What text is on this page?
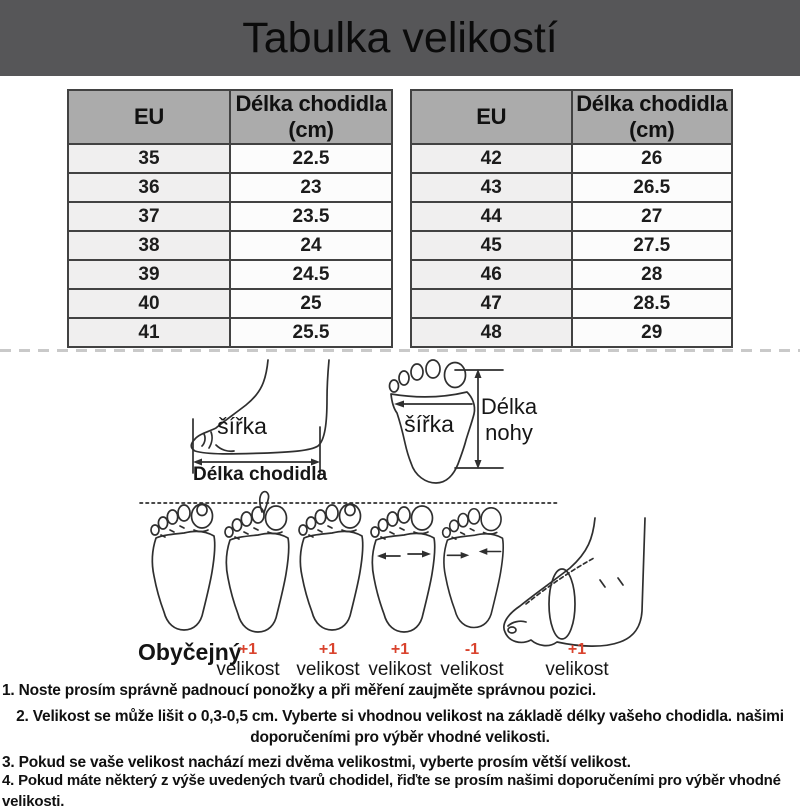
Tabulka velikostí
EU	Délka chodidla (cm)
35	22.5
36	23
37	23.5
38	24
39	24.5
40	25
41	25.5
EU	Délka chodidla (cm)
42	26
43	26.5
44	27
45	27.5
46	28
47	28.5
48	29
šířka
Délka chodidla
šířka
Délka
nohy
Obyčejný
+1
velikost
+1
velikost
+1
velikost
-1
velikost
+1
velikost
1. Noste prosím správně padnoucí ponožky a při měření zaujměte správnou pozici.
2. Velikost se může lišit o 0,3-0,5 cm. Vyberte si vhodnou velikost na základě délky vašeho chodidla. našimi doporučeními pro výběr vhodné velikosti.
3. Pokud se vaše velikost nachází mezi dvěma velikostmi, vyberte prosím větší velikost.
4. Pokud máte některý z výše uvedených tvarů chodidel, řiďte se prosím našimi doporučeními pro výběr vhodné velikosti.
